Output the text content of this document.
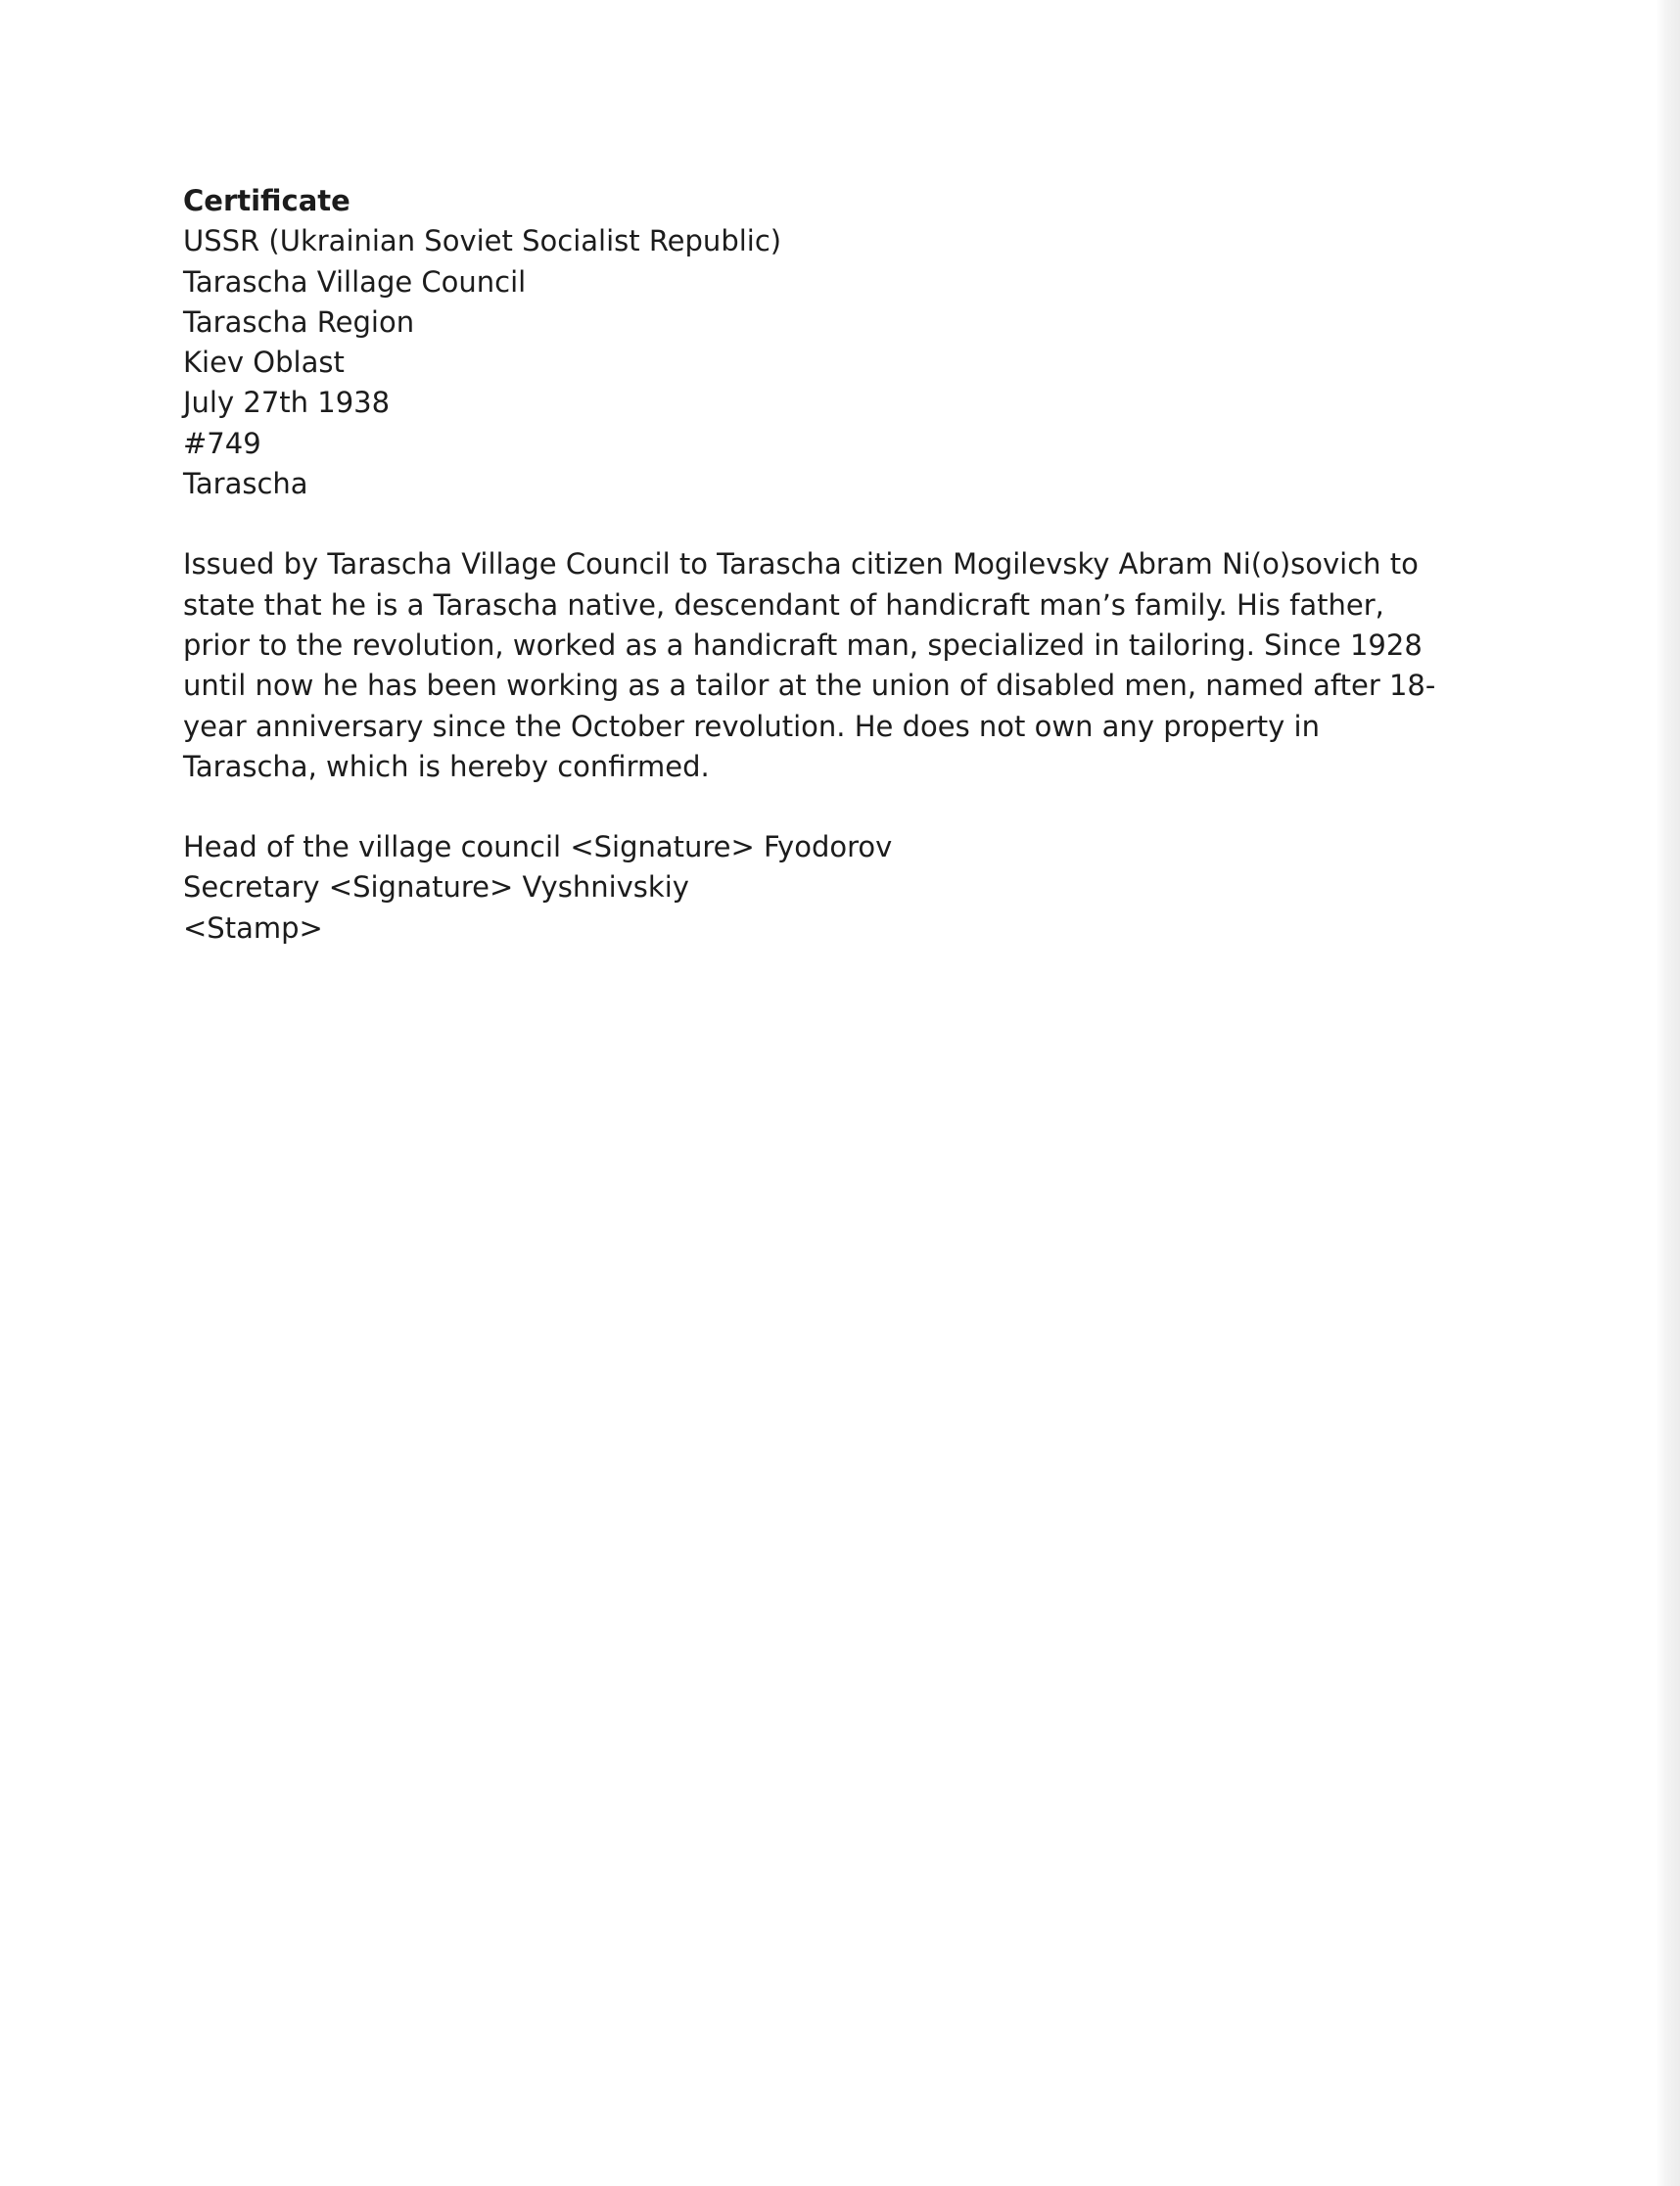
Certificate
USSR (Ukrainian Soviet Socialist Republic)
Tarascha Village Council
Tarascha Region
Kiev Oblast
July 27th 1938
#749
Tarascha
Issued by Tarascha Village Council to Tarascha citizen Mogilevsky Abram Ni(o)sovich to state that he is a Tarascha native, descendant of handicraft man’s family. His father, prior to the revolution, worked as a handicraft man, specialized in tailoring. Since 1928 until now he has been working as a tailor at the union of disabled men, named after 18-year anniversary since the October revolution. He does not own any property in Tarascha, which is hereby confirmed.
Head of the village council <Signature> Fyodorov
Secretary <Signature> Vyshnivskiy
<Stamp>
